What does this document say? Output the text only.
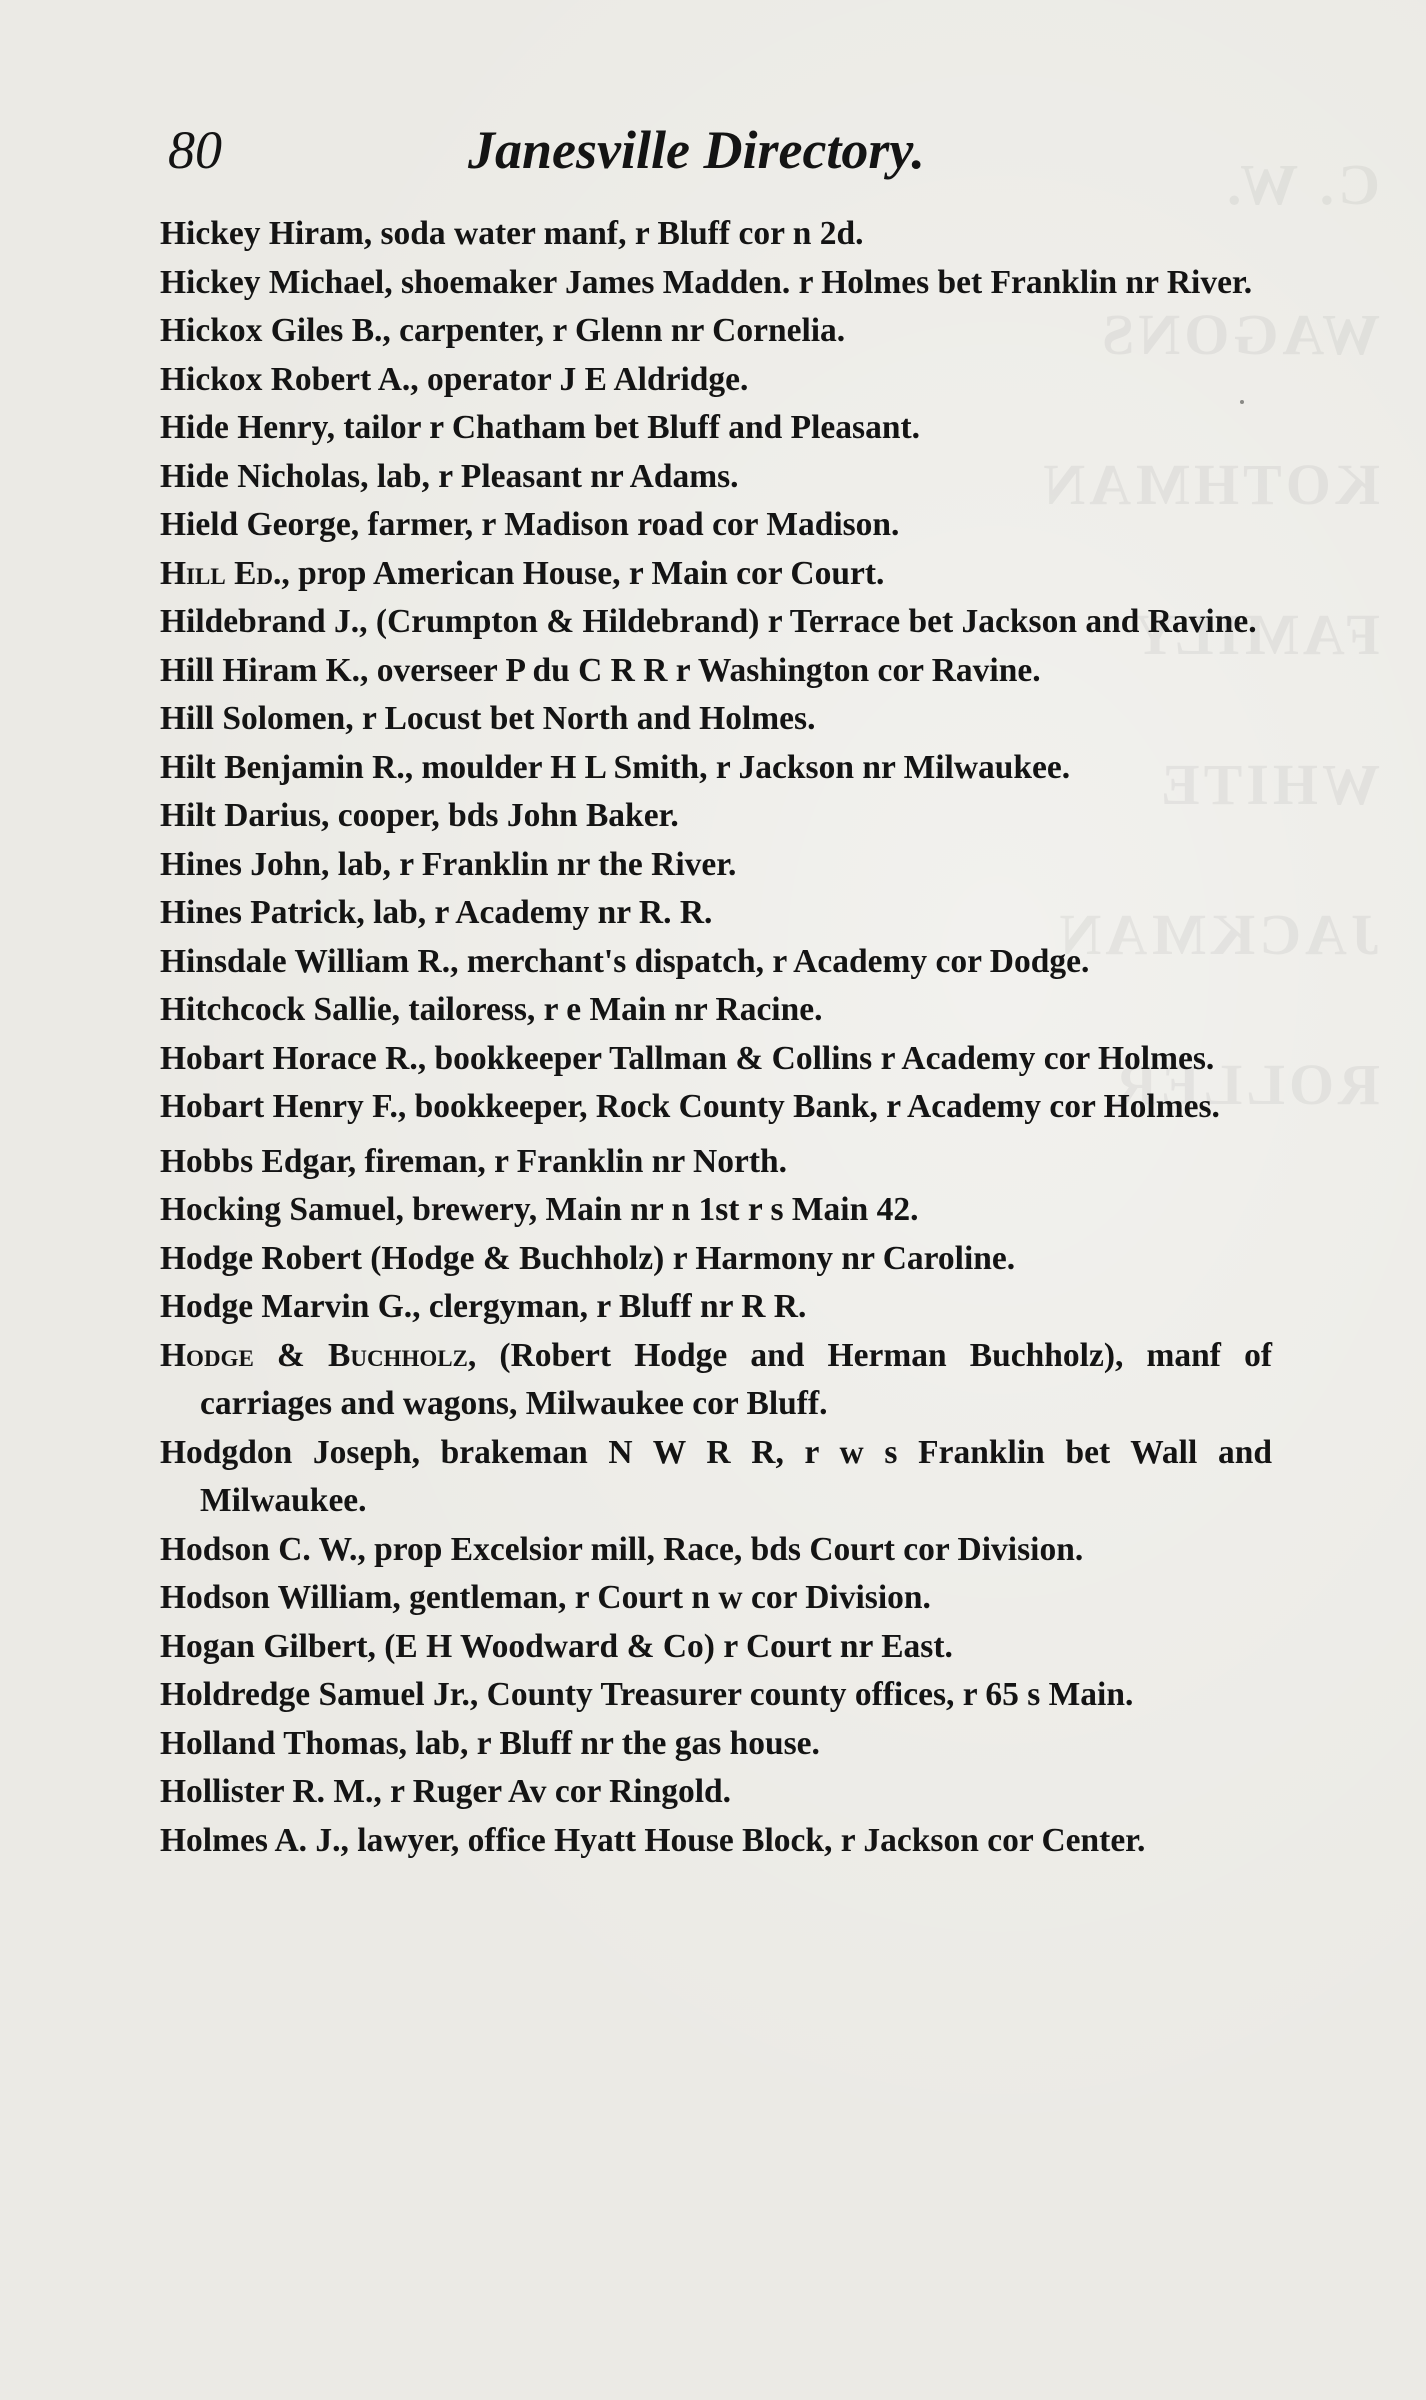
C. W.
WAGONS
KOTHMAN
FAMILY
WHITE
JACKMAN
ROLLER
80	Janesville Directory.
Hickey Hiram, soda water manf, r Bluff cor n 2d.
Hickey Michael, shoemaker James Madden. r Holmes bet Franklin nr River.
Hickox Giles B., carpenter, r Glenn nr Cornelia.
Hickox Robert A., operator J E Aldridge.
Hide Henry, tailor r Chatham bet Bluff and Pleasant.
Hide Nicholas, lab, r Pleasant nr Adams.
Hield George, farmer, r Madison road cor Madison.
Hill Ed., prop American House, r Main cor Court.
Hildebrand J., (Crumpton & Hildebrand) r Terrace bet Jackson and Ravine.
Hill Hiram K., overseer P du C R R r Washington cor Ravine.
Hill Solomen, r Locust bet North and Holmes.
Hilt Benjamin R., moulder H L Smith, r Jackson nr Milwaukee.
Hilt Darius, cooper, bds John Baker.
Hines John, lab, r Franklin nr the River.
Hines Patrick, lab, r Academy nr R. R.
Hinsdale William R., merchant's dispatch, r Academy cor Dodge.
Hitchcock Sallie, tailoress, r e Main nr Racine.
Hobart Horace R., bookkeeper Tallman & Collins r Academy cor Holmes.
Hobart Henry F., bookkeeper, Rock County Bank, r Academy cor Holmes.
Hobbs Edgar, fireman, r Franklin nr North.
Hocking Samuel, brewery, Main nr n 1st r s Main 42.
Hodge Robert (Hodge & Buchholz) r Harmony nr Caroline.
Hodge Marvin G., clergyman, r Bluff nr R R.
Hodge & Buchholz, (Robert Hodge and Herman Buchholz), manf of carriages and wagons, Milwaukee cor Bluff.
Hodgdon Joseph, brakeman N W R R, r w s Franklin bet Wall and Milwaukee.
Hodson C. W., prop Excelsior mill, Race, bds Court cor Division.
Hodson William, gentleman, r Court n w cor Division.
Hogan Gilbert, (E H Woodward & Co) r Court nr East.
Holdredge Samuel Jr., County Treasurer county offices, r 65 s Main.
Holland Thomas, lab, r Bluff nr the gas house.
Hollister R. M., r Ruger Av cor Ringold.
Holmes A. J., lawyer, office Hyatt House Block, r Jackson cor Center.
